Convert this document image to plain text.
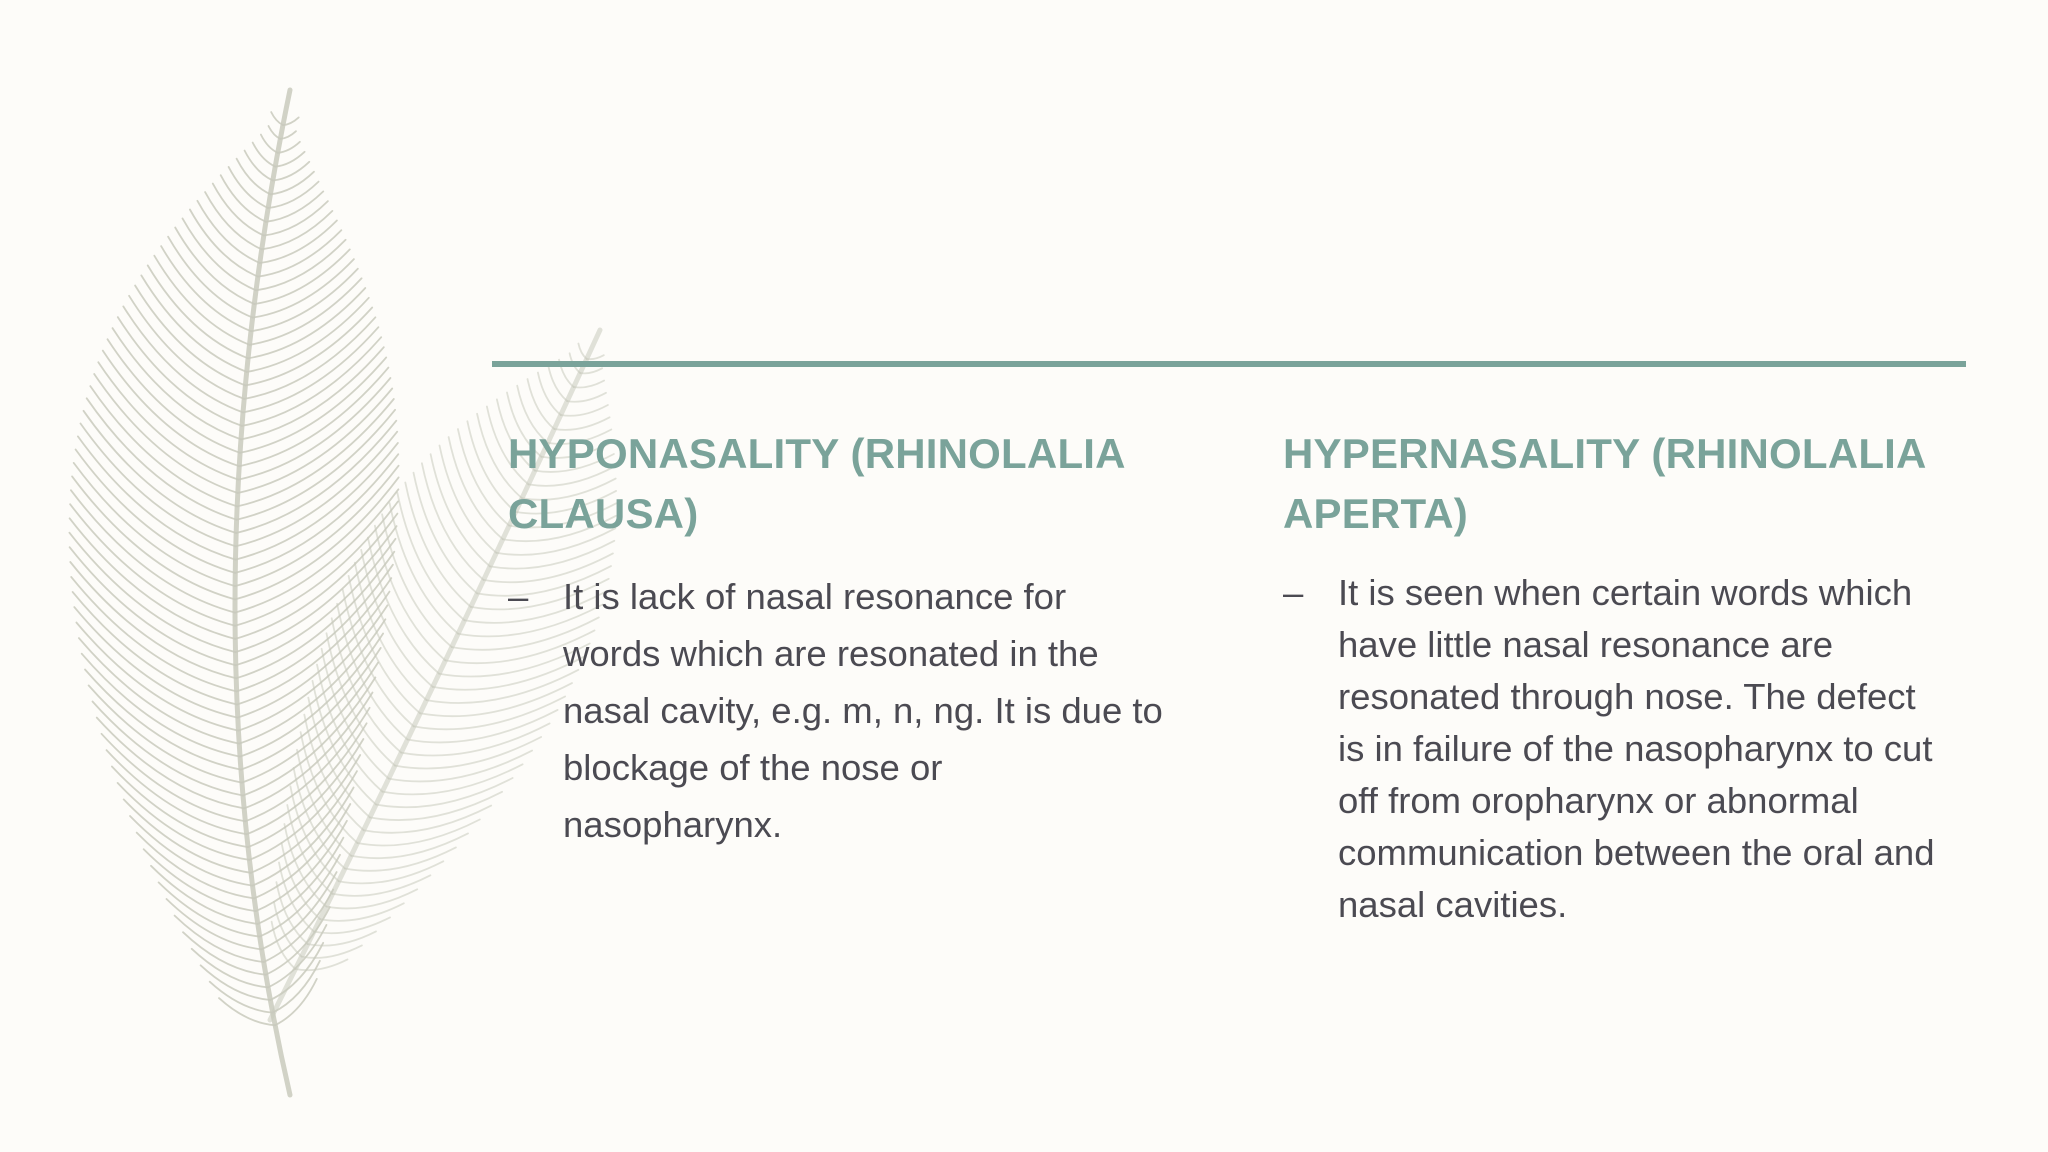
HYPONASALITY (RHINOLALIA CLAUSA)

– It is lack of nasal resonance for words which are resonated in the nasal cavity, e.g. m, n, ng. It is due to blockage of the nose or nasopharynx.

HYPERNASALITY (RHINOLALIA APERTA)

– It is seen when certain words which have little nasal resonance are resonated through nose. The defect is in failure of the nasopharynx to cut off from oropharynx or abnormal communication between the oral and nasal cavities.
